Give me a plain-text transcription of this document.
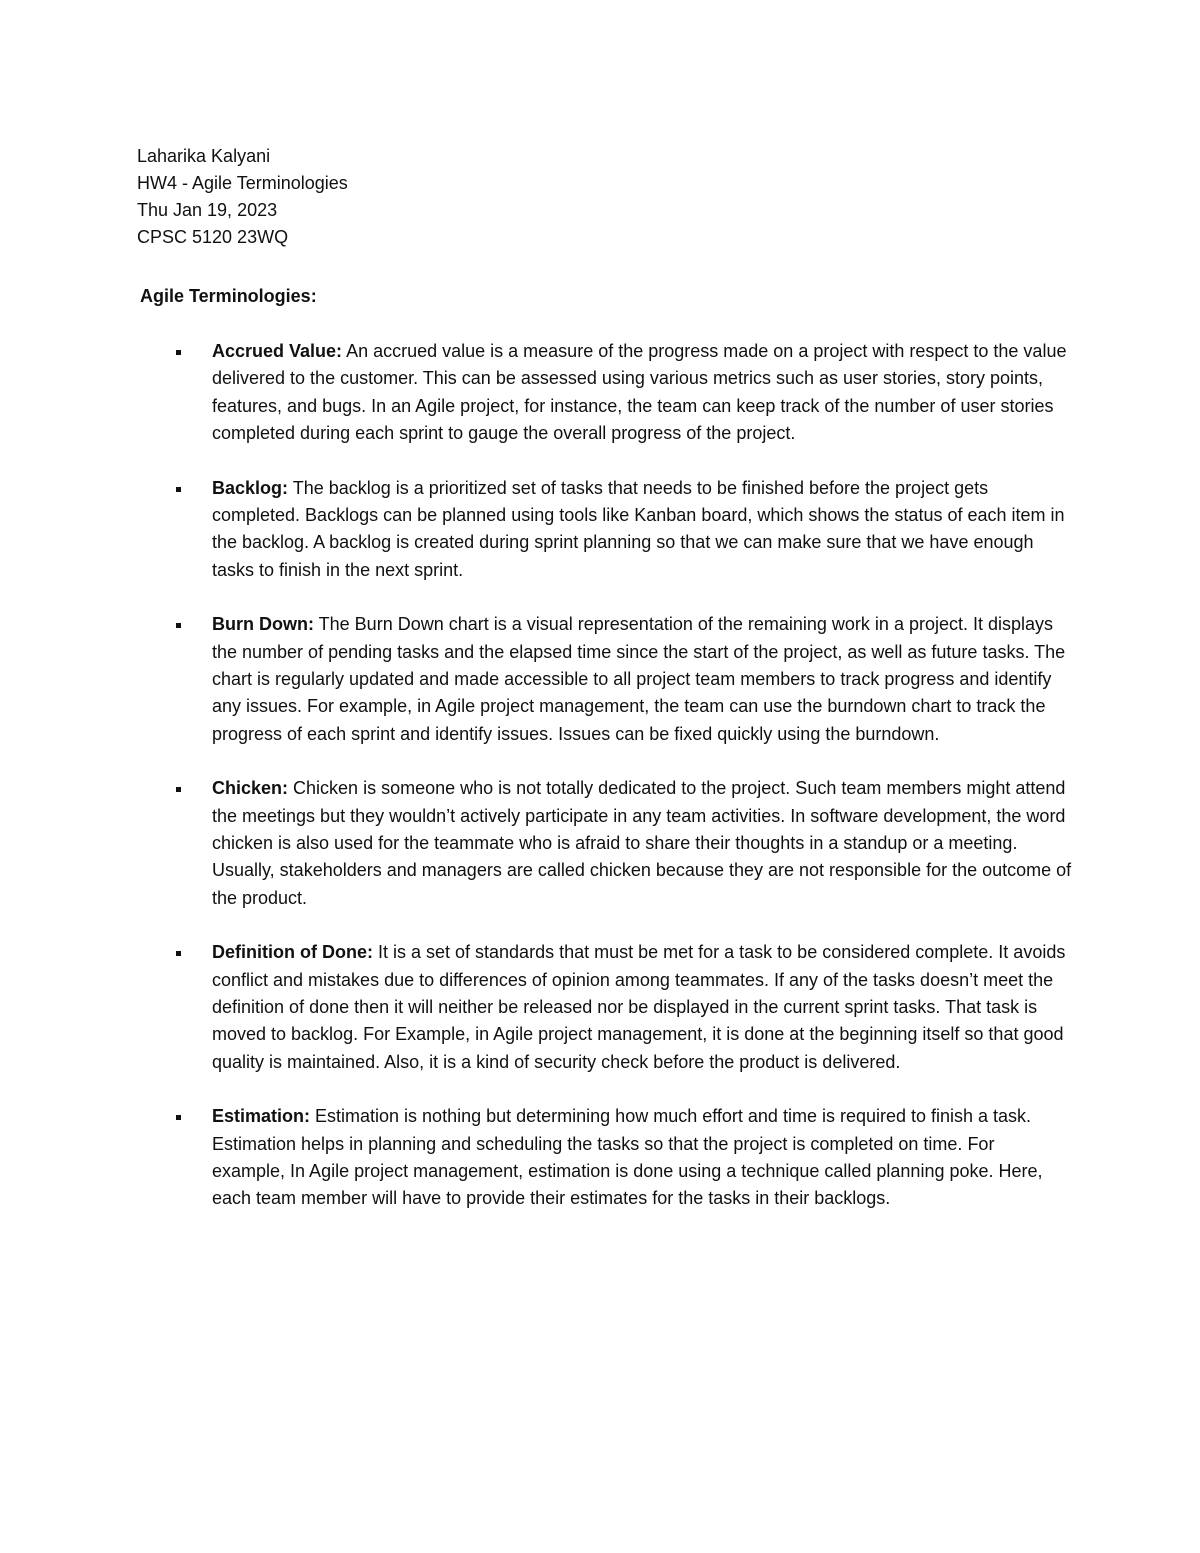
Laharika Kalyani
HW4 - Agile Terminologies
Thu Jan 19, 2023
CPSC 5120 23WQ
Agile Terminologies:
Accrued Value: An accrued value is a measure of the progress made on a project with respect to the value delivered to the customer. This can be assessed using various metrics such as user stories, story points, features, and bugs. In an Agile project, for instance, the team can keep track of the number of user stories completed during each sprint to gauge the overall progress of the project.
Backlog: The backlog is a prioritized set of tasks that needs to be finished before the project gets completed. Backlogs can be planned using tools like Kanban board, which shows the status of each item in the backlog. A backlog is created during sprint planning so that we can make sure that we have enough tasks to finish in the next sprint.
Burn Down: The Burn Down chart is a visual representation of the remaining work in a project. It displays the number of pending tasks and the elapsed time since the start of the project, as well as future tasks. The chart is regularly updated and made accessible to all project team members to track progress and identify any issues. For example, in Agile project management, the team can use the burndown chart to track the progress of each sprint and identify issues. Issues can be fixed quickly using the burndown.
Chicken: Chicken is someone who is not totally dedicated to the project. Such team members might attend the meetings but they wouldn’t actively participate in any team activities. In software development, the word chicken is also used for the teammate who is afraid to share their thoughts in a standup or a meeting. Usually, stakeholders and managers are called chicken because they are not responsible for the outcome of the product.
Definition of Done: It is a set of standards that must be met for a task to be considered complete. It avoids conflict and mistakes due to differences of opinion among teammates. If any of the tasks doesn’t meet the definition of done then it will neither be released nor be displayed in the current sprint tasks. That task is moved to backlog. For Example, in Agile project management, it is done at the beginning itself so that good quality is maintained. Also, it is a kind of security check before the product is delivered.
Estimation: Estimation is nothing but determining how much effort and time is required to finish a task. Estimation helps in planning and scheduling the tasks so that the project is completed on time. For example, In Agile project management, estimation is done using a technique called planning poke. Here, each team member will have to provide their estimates for the tasks in their backlogs.
